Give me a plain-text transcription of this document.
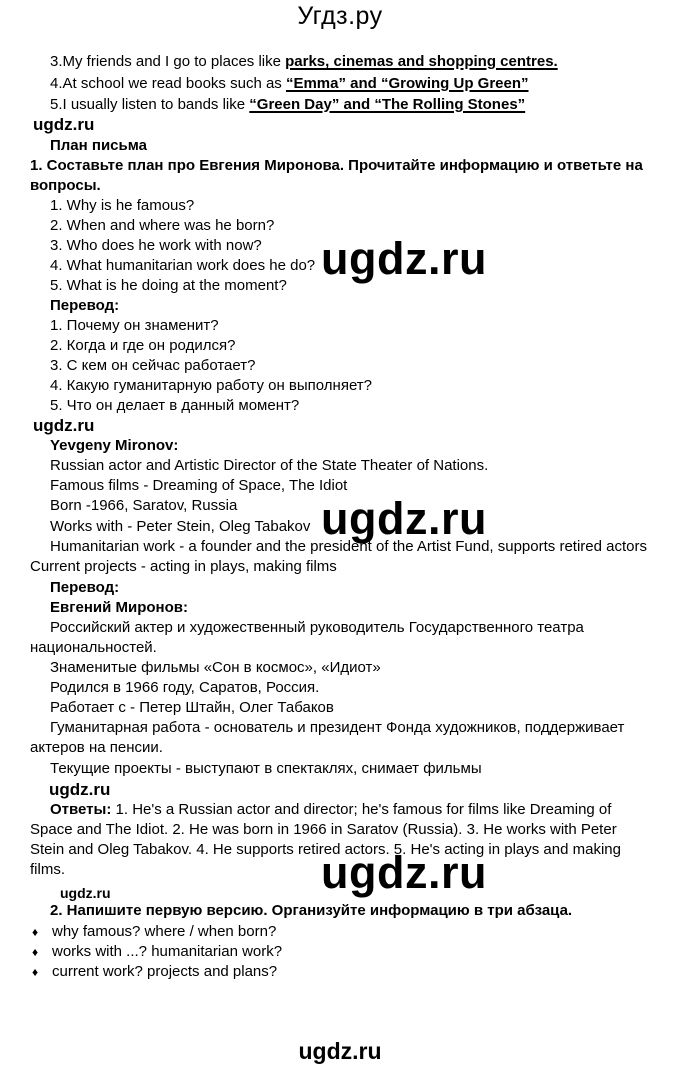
Угдз.ру
3.My friends and I go to places like parks, cinemas and shopping centres.
4.At school we read books such as “Emma” and “Growing Up Green”
5.I usually listen to bands like “Green Day” and “The Rolling Stones”
ugdz.ru
План письма
1. Составьте план про Евгения Миронова. Прочитайте информацию и ответьте на вопросы.
1. Why is he famous?
2. When and where was he born?
3. Who does he work with now?
4. What humanitarian work does he do?
5. What is he doing at the moment?
ugdz.ru
Перевод:
1. Почему он знаменит?
2. Когда и где он родился?
3. С кем он сейчас работает?
4. Какую гуманитарную работу он выполняет?
5. Что он делает в данный момент?
ugdz.ru
Yevgeny Mironov:
Russian actor and Artistic Director of the State Theater of Nations.
Famous films - Dreaming of Space, The Idiot
Born -1966, Saratov, Russia
Works with - Peter Stein, Oleg Tabakov
Humanitarian work - a founder and the president of the Artist Fund, supports retired actors Current projects - acting in plays, making films
ugdz.ru
Перевод:
Евгений Миронов:
Российский актер и художественный руководитель Государственного театра национальностей.
Знаменитые фильмы «Сон в космос», «Идиот»
Родился в 1966 году, Саратов, Россия.
Работает с - Петер Штайн, Олег Табаков
Гуманитарная работа - основатель и президент Фонда художников, поддерживает актеров на пенсии.
Текущие проекты - выступают в спектаклях, снимает фильмы
ugdz.ru
Ответы: 1. He's a Russian actor and director; he's famous for films like Dreaming of Space and The Idiot. 2. He was born in 1966 in Saratov (Russia). 3. He works with Peter Stein and Oleg Tabakov. 4. He supports retired actors. 5. He's acting in plays and making films.	ugdz.ru
ugdz.ru
2. Напишите первую версию. Организуйте информацию в три абзаца.
♦ why famous? where / when born?
♦ works with ...? humanitarian work?
♦ current work? projects and plans?
ugdz.ru
